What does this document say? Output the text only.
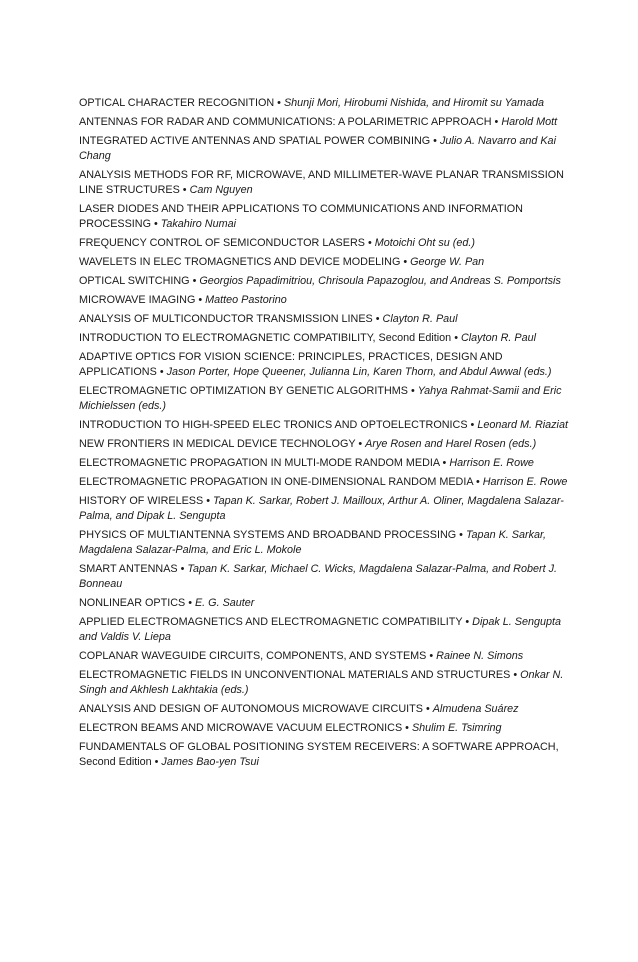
OPTICAL CHARACTER RECOGNITION • Shunji Mori, Hirobumi Nishida, and Hiromit su Yamada
ANTENNAS FOR RADAR AND COMMUNICATIONS: A POLARIMETRIC APPROACH • Harold Mott
INTEGRATED ACTIVE ANTENNAS AND SPATIAL POWER COMBINING • Julio A. Navarro and Kai Chang
ANALYSIS METHODS FOR RF, MICROWAVE, AND MILLIMETER-WAVE PLANAR TRANSMISSION LINE STRUCTURES • Cam Nguyen
LASER DIODES AND THEIR APPLICATIONS TO COMMUNICATIONS AND INFORMATION PROCESSING • Takahiro Numai
FREQUENCY CONTROL OF SEMICONDUCTOR LASERS • Motoichi Oht su (ed.)
WAVELETS IN ELEC TROMAGNETICS AND DEVICE MODELING • George W. Pan
OPTICAL SWITCHING • Georgios Papadimitriou, Chrisoula Papazoglou, and Andreas S. Pomportsis
MICROWAVE IMAGING • Matteo Pastorino
ANALYSIS OF MULTICONDUCTOR TRANSMISSION LINES • Clayton R. Paul
INTRODUCTION TO ELECTROMAGNETIC COMPATIBILITY, Second Edition • Clayton R. Paul
ADAPTIVE OPTICS FOR VISION SCIENCE: PRINCIPLES, PRACTICES, DESIGN AND APPLICATIONS • Jason Porter, Hope Queener, Julianna Lin, Karen Thorn, and Abdul Awwal (eds.)
ELECTROMAGNETIC OPTIMIZATION BY GENETIC ALGORITHMS • Yahya Rahmat-Samii and Eric Michielssen (eds.)
INTRODUCTION TO HIGH-SPEED ELEC TRONICS AND OPTOELECTRONICS • Leonard M. Riaziat
NEW FRONTIERS IN MEDICAL DEVICE TECHNOLOGY • Arye Rosen and Harel Rosen (eds.)
ELECTROMAGNETIC PROPAGATION IN MULTI-MODE RANDOM MEDIA • Harrison E. Rowe
ELECTROMAGNETIC PROPAGATION IN ONE-DIMENSIONAL RANDOM MEDIA • Harrison E. Rowe
HISTORY OF WIRELESS • Tapan K. Sarkar, Robert J. Mailloux, Arthur A. Oliner, Magdalena Salazar-Palma, and Dipak L. Sengupta
PHYSICS OF MULTIANTENNA SYSTEMS AND BROADBAND PROCESSING • Tapan K. Sarkar, Magdalena Salazar-Palma, and Eric L. Mokole
SMART ANTENNAS • Tapan K. Sarkar, Michael C. Wicks, Magdalena Salazar-Palma, and Robert J. Bonneau
NONLINEAR OPTICS • E. G. Sauter
APPLIED ELECTROMAGNETICS AND ELECTROMAGNETIC COMPATIBILITY • Dipak L. Sengupta and Valdis V. Liepa
COPLANAR WAVEGUIDE CIRCUITS, COMPONENTS, AND SYSTEMS • Rainee N. Simons
ELECTROMAGNETIC FIELDS IN UNCONVENTIONAL MATERIALS AND STRUCTURES • Onkar N. Singh and Akhlesh Lakhtakia (eds.)
ANALYSIS AND DESIGN OF AUTONOMOUS MICROWAVE CIRCUITS • Almudena Suárez
ELECTRON BEAMS AND MICROWAVE VACUUM ELECTRONICS • Shulim E. Tsimring
FUNDAMENTALS OF GLOBAL POSITIONING SYSTEM RECEIVERS: A SOFTWARE APPROACH, Second Edition • James Bao-yen Tsui
